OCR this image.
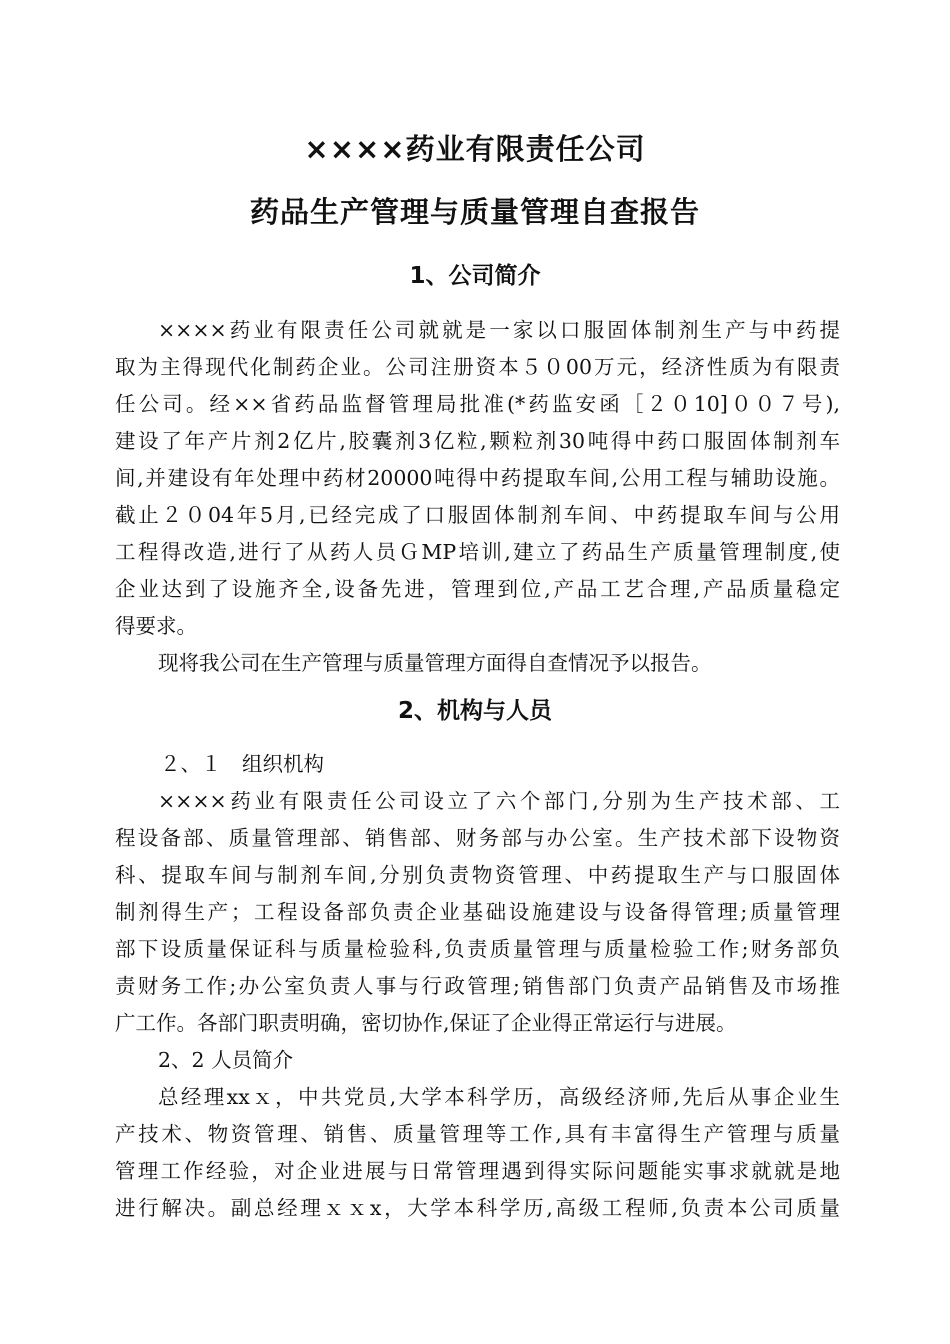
××××药业有限责任公司
药品生产管理与质量管理自查报告
1、公司简介
××××药业有限责任公司就就是一家以口服固体制剂生产与中药提
取为主得现代化制药企业。公司注册资本５０00万元，经济性质为有限责
任公司。经××省药品监督管理局批准(*药监安函［２０10]００７号),
建设了年产片剂2亿片,胶囊剂3亿粒,颗粒剂30吨得中药口服固体制剂车
间,并建设有年处理中药材20000吨得中药提取车间,公用工程与辅助设施。
截止２０04年5月,已经完成了口服固体制剂车间、中药提取车间与公用
工程得改造,进行了从药人员ＧMP培训,建立了药品生产质量管理制度,使
企业达到了设施齐全,设备先进，管理到位,产品工艺合理,产品质量稳定
得要求。
现将我公司在生产管理与质量管理方面得自查情况予以报告。
2、机构与人员
２、１　组织机构
××××药业有限责任公司设立了六个部门,分别为生产技术部、工
程设备部、质量管理部、销售部、财务部与办公室。生产技术部下设物资
科、提取车间与制剂车间,分别负责物资管理、中药提取生产与口服固体
制剂得生产；工程设备部负责企业基础设施建设与设备得管理;质量管理
部下设质量保证科与质量检验科,负责质量管理与质量检验工作;财务部负
责财务工作;办公室负责人事与行政管理;销售部门负责产品销售及市场推
广工作。各部门职责明确，密切协作,保证了企业得正常运行与进展。
2、2 人员简介
总经理xxｘ，中共党员,大学本科学历，高级经济师,先后从事企业生
产技术、物资管理、销售、质量管理等工作,具有丰富得生产管理与质量
管理工作经验，对企业进展与日常管理遇到得实际问题能实事求就就是地
进行解决。副总经理ｘｘx，大学本科学历,高级工程师,负责本公司质量
